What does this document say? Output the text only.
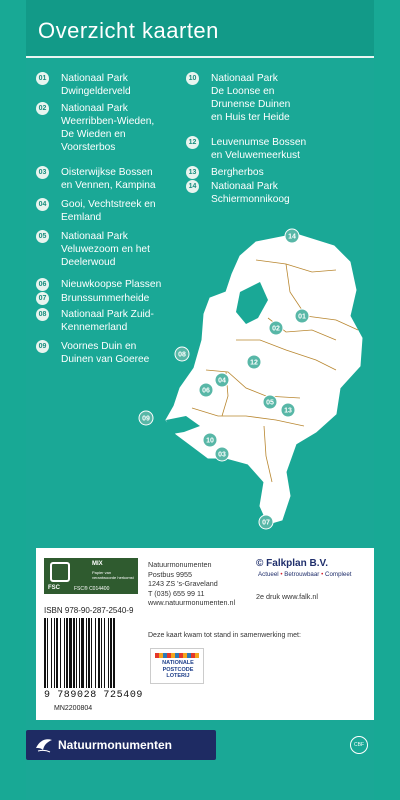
Overzicht kaarten
01 Nationaal Park
Dwingelderveld
02 Nationaal Park
Weerribben-Wieden,
De Wieden en
Voorsterbos
03 Oisterwijkse Bossen
en Vennen, Kampina
04 Gooi, Vechtstreek en
Eemland
05 Nationaal Park
Veluwezoom en het
Deelerwoud
06 Nieuwkoopse Plassen
07 Brunssummerheide
08 Nationaal Park Zuid-
Kennemerland
09 Voornes Duin en
Duinen van Goeree
10 Nationaal Park
De Loonse en
Drunense Duinen
en Huis ter Heide
12 Leuvenumse Bossen
en Veluwemeerkust
13 Bergherbos
14 Nationaal Park
Schiermonnikoog
14
01
02
08
12
04
06
05
13
09
10
03
07
MIX
Papier van verantwoorde herkomst
FSC	FSC® C014400
ISBN 978-90-287-2540-9
9 789028 725409
MN2200804
Natuurmonumenten
Postbus 9955
1243 ZS 's-Graveland
T (035) 655 99 11
www.natuurmonumenten.nl
© Falkplan B.V.
Actueel • Betrouwbaar • Compleet
2e druk www.falk.nl
Deze kaart kwam tot stand in samenwerking met:
NATIONALE POSTCODE LOTERIJ
Natuurmonumenten	CBF
